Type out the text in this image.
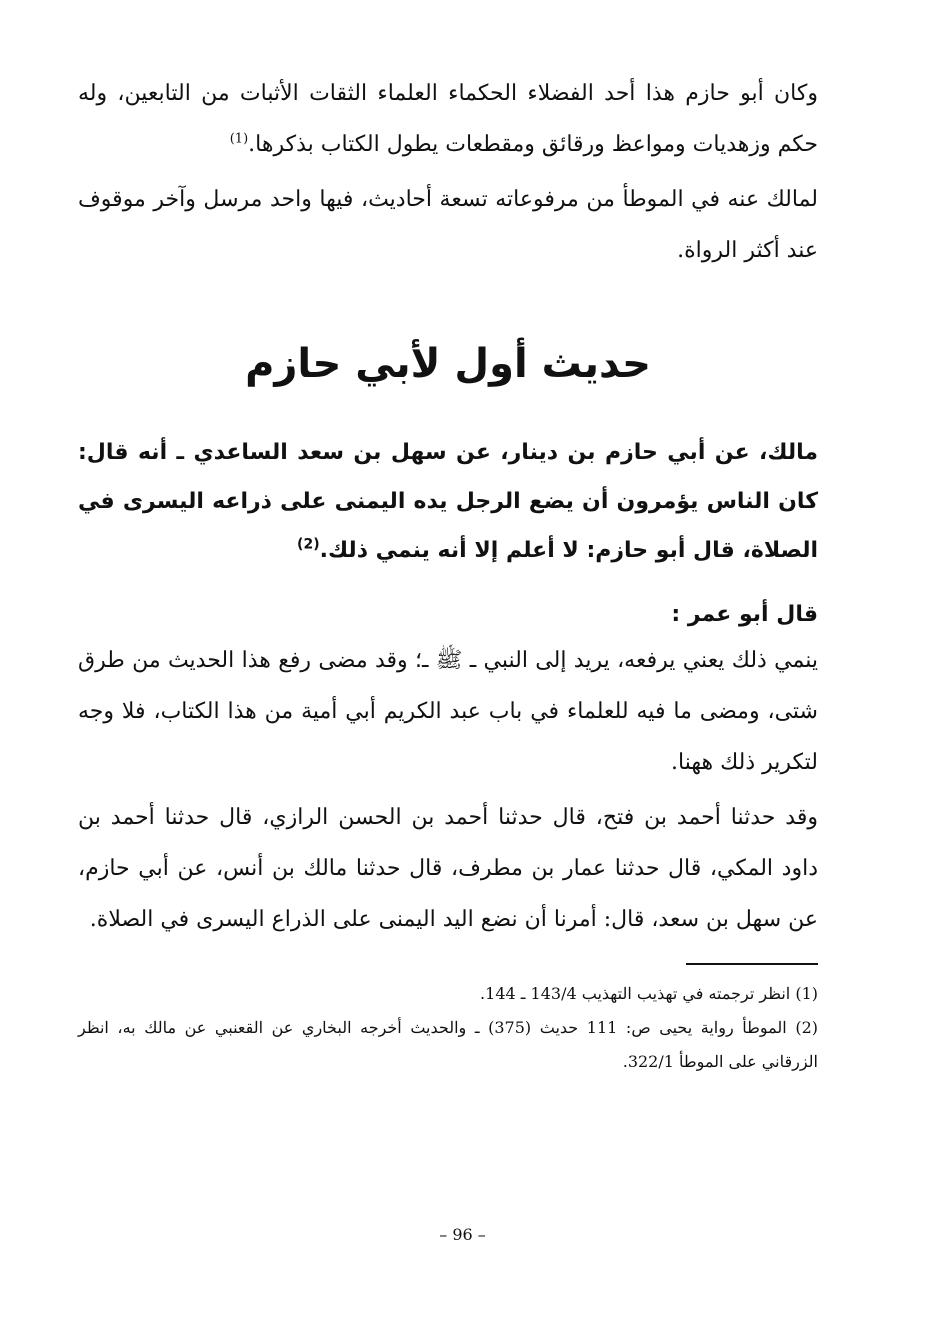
وكان أبو حازم هذا أحد الفضلاء الحكماء العلماء الثقات الأثبات من التابعين، وله حكم وزهديات ومواعظ ورقائق ومقطعات يطول الكتاب بذكرها.$^{(1)}$

لمالك عنه في الموطأ من مرفوعاته تسعة أحاديث، فيها واحد مرسل وآخر موقوف عند أكثر الرواة.

حديث أول لأبي حازم

مالك، عن أبي حازم بن دينار، عن سهل بن سعد الساعدي ـ أنه قال: كان الناس يؤمرون أن يضع الرجل يده اليمنى على ذراعه اليسرى في الصلاة، قال أبو حازم: لا أعلم إلا أنه ينمي ذلك.$^{(2)}$

قال أبو عمر :

ينمي ذلك يعني يرفعه، يريد إلى النبي ـ ﷺ ـ؛ وقد مضى رفع هذا الحديث من طرق شتى، ومضى ما فيه للعلماء في باب عبد الكريم أبي أمية من هذا الكتاب، فلا وجه لتكرير ذلك ههنا.

وقد حدثنا أحمد بن فتح، قال حدثنا أحمد بن الحسن الرازي، قال حدثنا أحمد بن داود المكي، قال حدثنا عمار بن مطرف، قال حدثنا مالك بن أنس، عن أبي حازم، عن سهل بن سعد، قال: أمرنا أن نضع اليد اليمنى على الذراع اليسرى في الصلاة.

(1) انظر ترجمته في تهذيب التهذيب 143/4 ـ 144.

(2) الموطأ رواية يحيى ص: 111 حديث (375) ـ والحديث أخرجه البخاري عن القعنبي عن مالك به، انظر الزرقاني على الموطأ 322/1.

– 96 –
